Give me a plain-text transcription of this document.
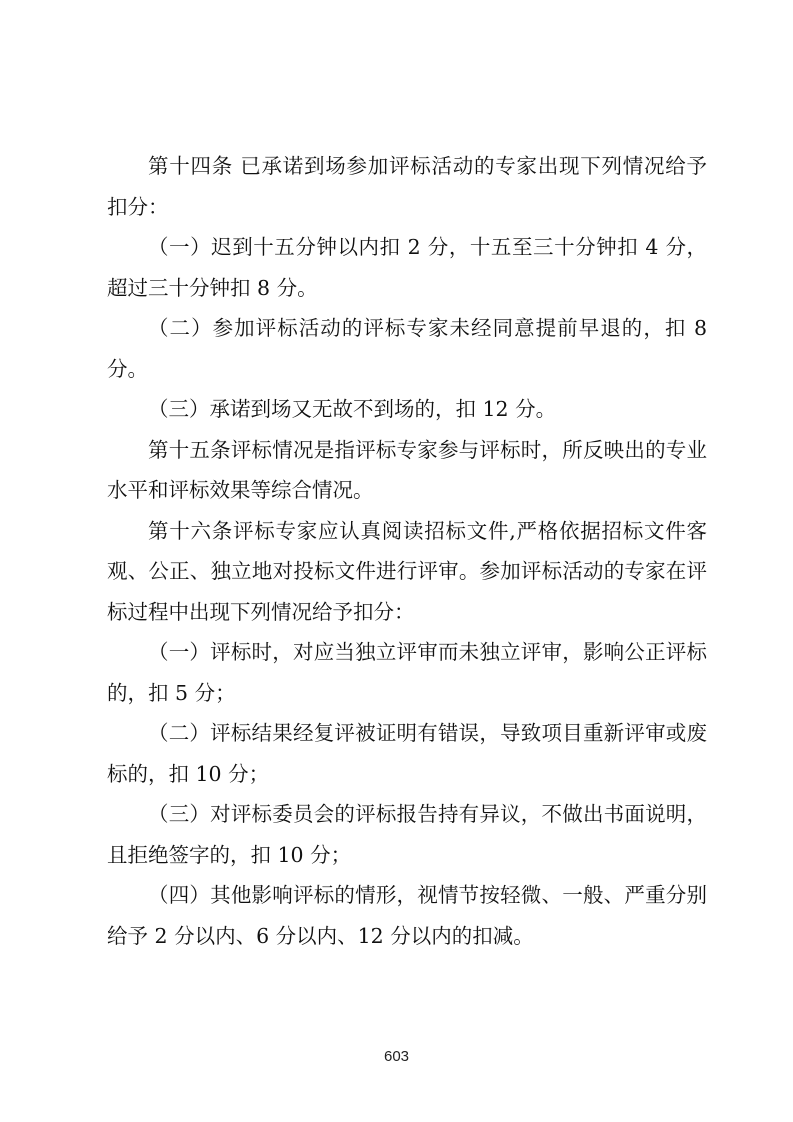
第十四条 已承诺到场参加评标活动的专家出现下列情况给予扣分：

（一）迟到十五分钟以内扣 2 分，十五至三十分钟扣 4 分，超过三十分钟扣 8 分。

（二）参加评标活动的评标专家未经同意提前早退的，扣 8 分。

（三）承诺到场又无故不到场的，扣 12 分。

第十五条评标情况是指评标专家参与评标时，所反映出的专业水平和评标效果等综合情况。

第十六条评标专家应认真阅读招标文件,严格依据招标文件客观、公正、独立地对投标文件进行评审。参加评标活动的专家在评标过程中出现下列情况给予扣分：

（一）评标时，对应当独立评审而未独立评审，影响公正评标的，扣 5 分；

（二）评标结果经复评被证明有错误，导致项目重新评审或废标的，扣 10 分；

（三）对评标委员会的评标报告持有异议，不做出书面说明，且拒绝签字的，扣 10 分；

（四）其他影响评标的情形，视情节按轻微、一般、严重分别给予 2 分以内、6 分以内、12 分以内的扣减。

603
